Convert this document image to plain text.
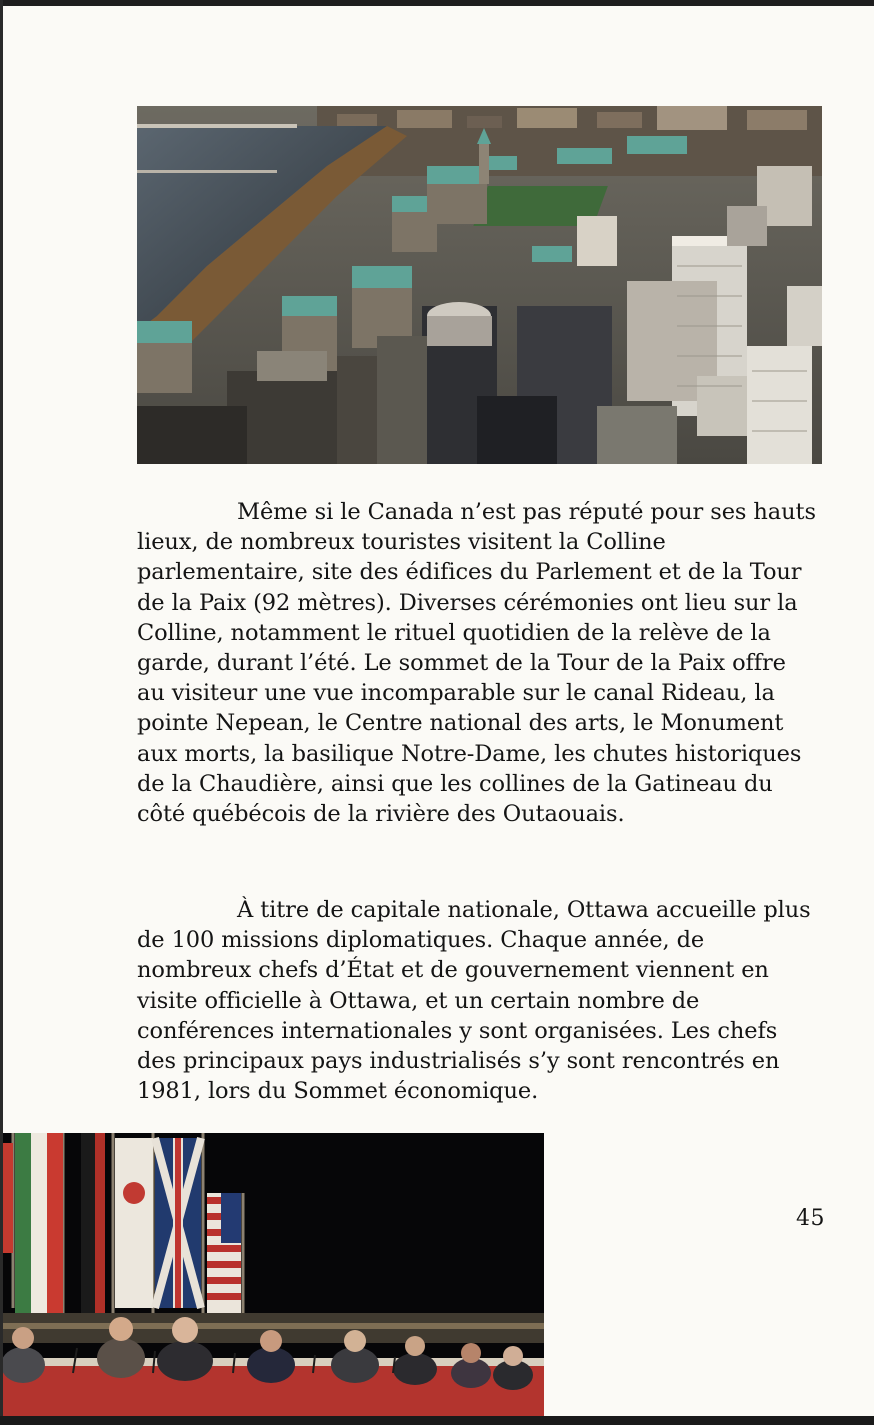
Même si le Canada n’est pas réputé pour ses hauts lieux, de nombreux touristes visitent la Colline parlementaire, site des édifices du Parlement et de la Tour de la Paix (92 mètres). Diverses cérémonies ont lieu sur la Colline, notamment le rituel quotidien de la relève de la garde, durant l’été. Le sommet de la Tour de la Paix offre au visiteur une vue incomparable sur le canal Rideau, la pointe Nepean, le Centre national des arts, le Monument aux morts, la basilique Notre-Dame, les chutes historiques de la Chaudière, ainsi que les collines de la Gatineau du côté québécois de la rivière des Outaouais.

À titre de capitale nationale, Ottawa accueille plus de 100 missions diplomatiques. Chaque année, de nombreux chefs d’État et de gouvernement viennent en visite officielle à Ottawa, et un certain nombre de conférences internationales y sont organisées. Les chefs des principaux pays industrialisés s’y sont rencontrés en 1981, lors du Sommet économique.

45
